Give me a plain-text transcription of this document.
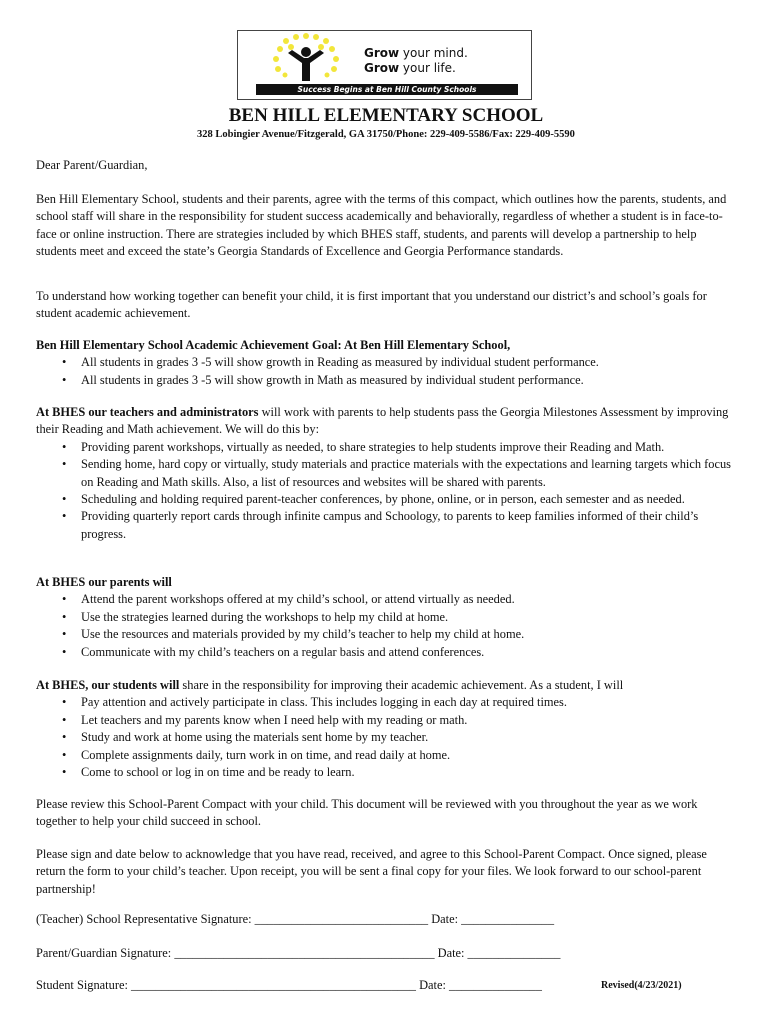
Grow your mind.
Grow your life.
Success Begins at Ben Hill County Schools
BEN HILL ELEMENTARY SCHOOL
328 Lobingier Avenue/Fitzgerald, GA 31750/Phone: 229-409-5586/Fax: 229-409-5590
Dear Parent/Guardian,
Ben Hill Elementary School, students and their parents, agree with the terms of this compact, which outlines how the parents, students, and school staff will share in the responsibility for student success academically and behaviorally, regardless of whether a student is in face-to-face or online instruction. There are strategies included by which BHES staff, students, and parents will develop a partnership to help students meet and exceed the state’s Georgia Standards of Excellence and Georgia Performance standards.
To understand how working together can benefit your child, it is first important that you understand our district’s and school’s goals for student academic achievement.

Ben Hill Elementary School Academic Achievement Goal: At Ben Hill Elementary School,

• All students in grades 3 -5 will show growth in Reading as measured by individual student performance.
• All students in grades 3 -5 will show growth in Math as measured by individual student performance.

At BHES our teachers and administrators will work with parents to help students pass the Georgia Milestones Assessment by improving their Reading and Math achievement. We will do this by:

• Providing parent workshops, virtually as needed, to share strategies to help students improve their Reading and Math.
• Sending home, hard copy or virtually, study materials and practice materials with the expectations and learning targets which focus on Reading and Math skills. Also, a list of resources and websites will be shared with parents.
• Scheduling and holding required parent-teacher conferences, by phone, online, or in person, each semester and as needed.
• Providing quarterly report cards through infinite campus and Schoology, to parents to keep families informed of their child’s progress.

At BHES our parents will

• Attend the parent workshops offered at my child’s school, or attend virtually as needed.
• Use the strategies learned during the workshops to help my child at home.
• Use the resources and materials provided by my child’s teacher to help my child at home.
• Communicate with my child’s teachers on a regular basis and attend conferences.

At BHES, our students will share in the responsibility for improving their academic achievement. As a student, I will

• Pay attention and actively participate in class. This includes logging in each day at required times.
• Let teachers and my parents know when I need help with my reading or math.
• Study and work at home using the materials sent home by my teacher.
• Complete assignments daily, turn work in on time, and read daily at home.
• Come to school or log in on time and be ready to learn.
Please review this School-Parent Compact with your child. This document will be reviewed with you throughout the year as we work together to help your child succeed in school.
Please sign and date below to acknowledge that you have read, received, and agree to this School-Parent Compact. Once signed, please return the form to your child’s teacher. Upon receipt, you will be sent a final copy for your files. We look forward to our school-parent partnership!
(Teacher) School Representative Signature: ____________________________ Date: _______________
Parent/Guardian Signature: __________________________________________ Date: _______________
Student Signature: ______________________________________________ Date: _______________	Revised(4/23/2021)
